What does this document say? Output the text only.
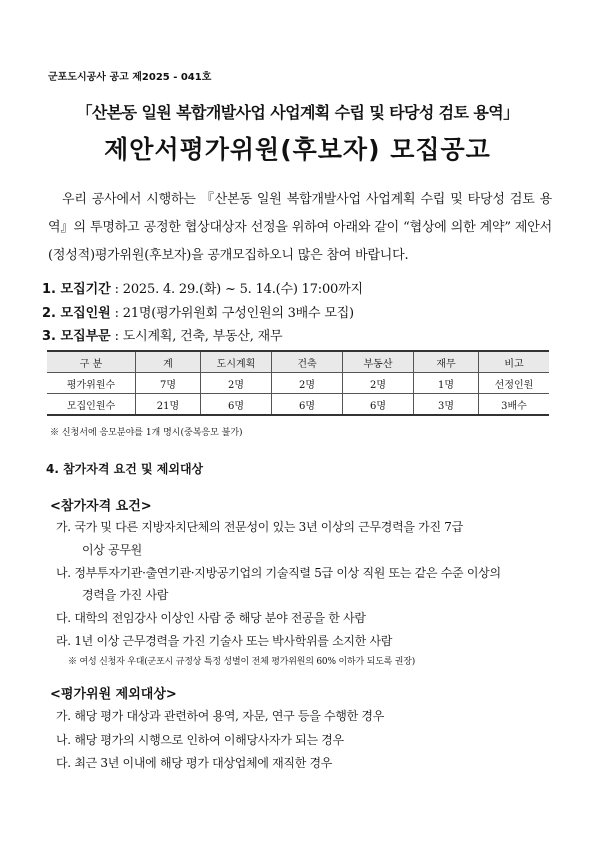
군포도시공사 공고 제2025 - 041호
「산본동 일원 복합개발사업 사업계획 수립 및 타당성 검토 용역」
제안서평가위원(후보자) 모집공고
우리 공사에서 시행하는 『산본동 일원 복합개발사업 사업계획 수립 및 타당성 검토 용역』의 투명하고 공정한 협상대상자 선정을 위하여 아래와 같이 “협상에 의한 계약” 제안서(정성적)평가위원(후보자)을 공개모집하오니 많은 참여 바랍니다.
1. 모집기간 : 2025. 4. 29.(화) ~ 5. 14.(수) 17:00까지
2. 모집인원 : 21명(평가위원회 구성인원의 3배수 모집)
3. 모집부문 : 도시계획, 건축, 부동산, 재무
구 분	계	도시계획	건축	부동산	재무	비고
평가위원수	7명	2명	2명	2명	1명	선정인원
모집인원수	21명	6명	6명	6명	3명	3배수
※ 신청서에 응모분야를 1개 명시(중복응모 불가)
4. 참가자격 요건 및 제외대상
<참가자격 요건>
가. 국가 및 다른 지방자치단체의 전문성이 있는 3년 이상의 근무경력을 가진 7급
이상 공무원
나. 정부투자기관·출연기관·지방공기업의 기술직렬 5급 이상 직원 또는 같은 수준 이상의
경력을 가진 사람
다. 대학의 전임강사 이상인 사람 중 해당 분야 전공을 한 사람
라. 1년 이상 근무경력을 가진 기술사 또는 박사학위를 소지한 사람
※ 여성 신청자 우대(군포시 규정상 특정 성별이 전체 평가위원의 60% 이하가 되도록 권장)
<평가위원 제외대상>
가. 해당 평가 대상과 관련하여 용역, 자문, 연구 등을 수행한 경우
나. 해당 평가의 시행으로 인하여 이해당사자가 되는 경우
다. 최근 3년 이내에 해당 평가 대상업체에 재직한 경우
